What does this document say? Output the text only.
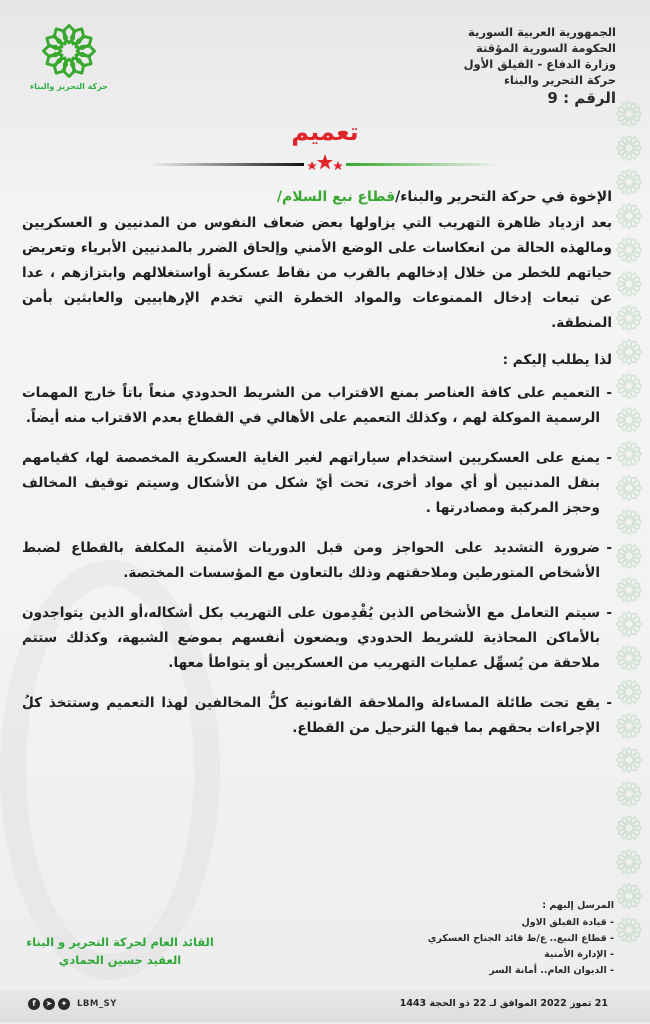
حركة التحرير والبناء
الجمهورية العربية السورية
الحكومة السورية المؤقتة
وزارة الدفاع - الفيلق الأول
حركة التحرير والبناء
الرقم : 9
تعميم
الإخوة في حركة التحرير والبناء/قطاع نبع السلام/

بعد ازدياد ظاهرة التهريب التي يزاولها بعض ضعاف النفوس من المدنيين و العسكريين ومالهذه الحالة من انعكاسات على الوضع الأمني وإلحاق الضرر بالمدنيين الأبرياء وتعريض حياتهم للخطر من خلال إدخالهم بالقرب من نقاط عسكرية أواستغلالهم وابتزازهم ، عدا عن تبعات إدخال الممنوعات والمواد الخطرة التي تخدم الإرهابيين والعابثين بأمن المنطقة.

لذا يطلب إليكم :

-
التعميم على كافة العناصر بمنع الاقتراب من الشريط الحدودي منعاً باتاً خارج المهمات الرسمية الموكلة لهم ، وكذلك التعميم على الأهالي في القطاع بعدم الاقتراب منه أيضاً.

-
يمنع على العسكريين استخدام سياراتهم لغير الغاية العسكرية المخصصة لها، كقيامهم بنقل المدنيين أو أي مواد أخرى، تحت أيّ شكل من الأشكال وسيتم توقيف المخالف وحجز المركبة ومصادرتها .

-
ضرورة التشديد على الحواجز ومن قبل الدوريات الأمنية المكلفة بالقطاع لضبط الأشخاص المتورطين وملاحقتهم وذلك بالتعاون مع المؤسسات المختصة.

-
سيتم التعامل مع الأشخاص الذين يُقْدِمون على التهريب بكل أشكاله،أو الذين يتواجدون بالأماكن المحاذية للشريط الحدودي ويضعون أنفسهم بموضع الشبهة، وكذلك ستتم ملاحقة من يُسهِّل عمليات التهريب من العسكريين أو يتواطأ معها.

-
يقع تحت طائلة المساءلة والملاحقة القانونية كلُّ المخالفين لهذا التعميم وستتخذ كلُ الإجراءات بحقهم بما فيها الترحيل من القطاع.

المرسل إليهم :
- قيادة الفيلق الاول
- قطاع النبع.. ع/ط قائد الجناح العسكري
- الإدارة الأمنية
- الديوان العام.. أمانة السر
القائد العام لحركة التحرير و البناء
العقيد حسين الحمادي
f	➤	✦	LBM_SY	21 تموز 2022 الموافق لـ 22 ذو الحجة 1443
